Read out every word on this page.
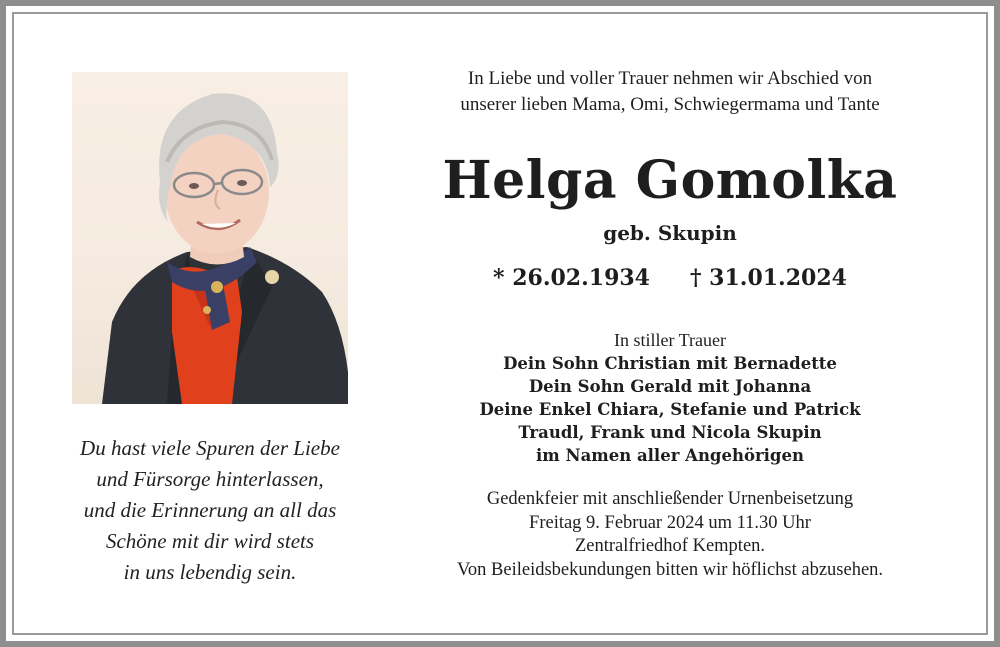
Du hast viele Spuren der Liebe
und Fürsorge hinterlassen,
und die Erinnerung an all das
Schöne mit dir wird stets
in uns lebendig sein.
In Liebe und voller Trauer nehmen wir Abschied von
unserer lieben Mama, Omi, Schwiegermama und Tante
Helga Gomolka
geb. Skupin
* 26.02.1934 † 31.01.2024
In stiller Trauer
Dein Sohn Christian mit Bernadette
Dein Sohn Gerald mit Johanna
Deine Enkel Chiara, Stefanie und Patrick
Traudl, Frank und Nicola Skupin
im Namen aller Angehörigen
Gedenkfeier mit anschließender Urnenbeisetzung
Freitag 9. Februar 2024 um 11.30 Uhr
Zentralfriedhof Kempten.
Von Beileidsbekundungen bitten wir höflichst abzusehen.
